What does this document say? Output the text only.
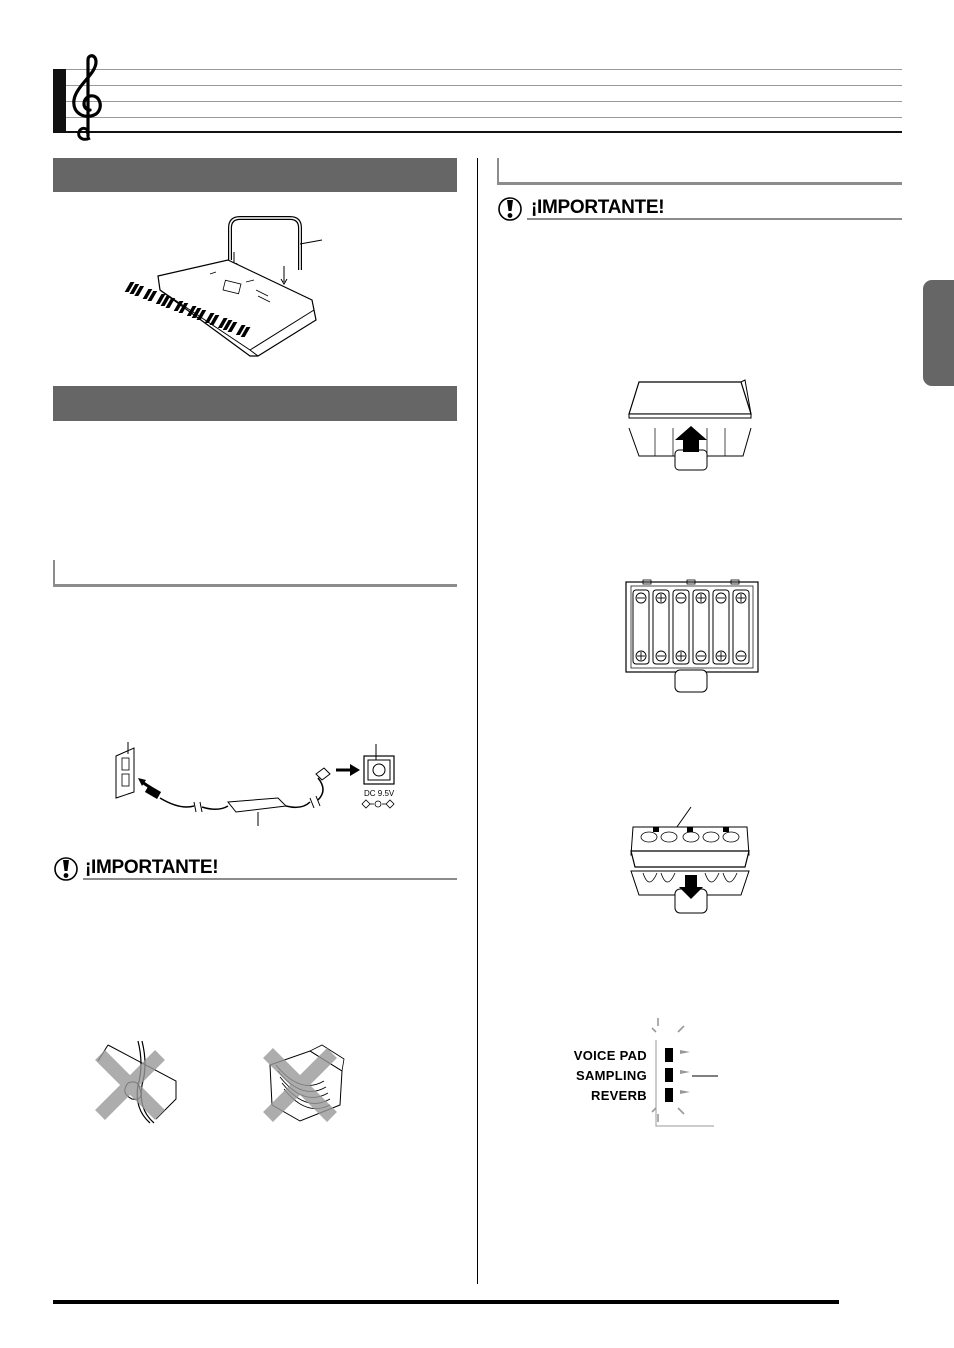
DC 9.5V
¡IMPORTANTE!
¡IMPORTANTE!
VOICE PAD
SAMPLING
REVERB
